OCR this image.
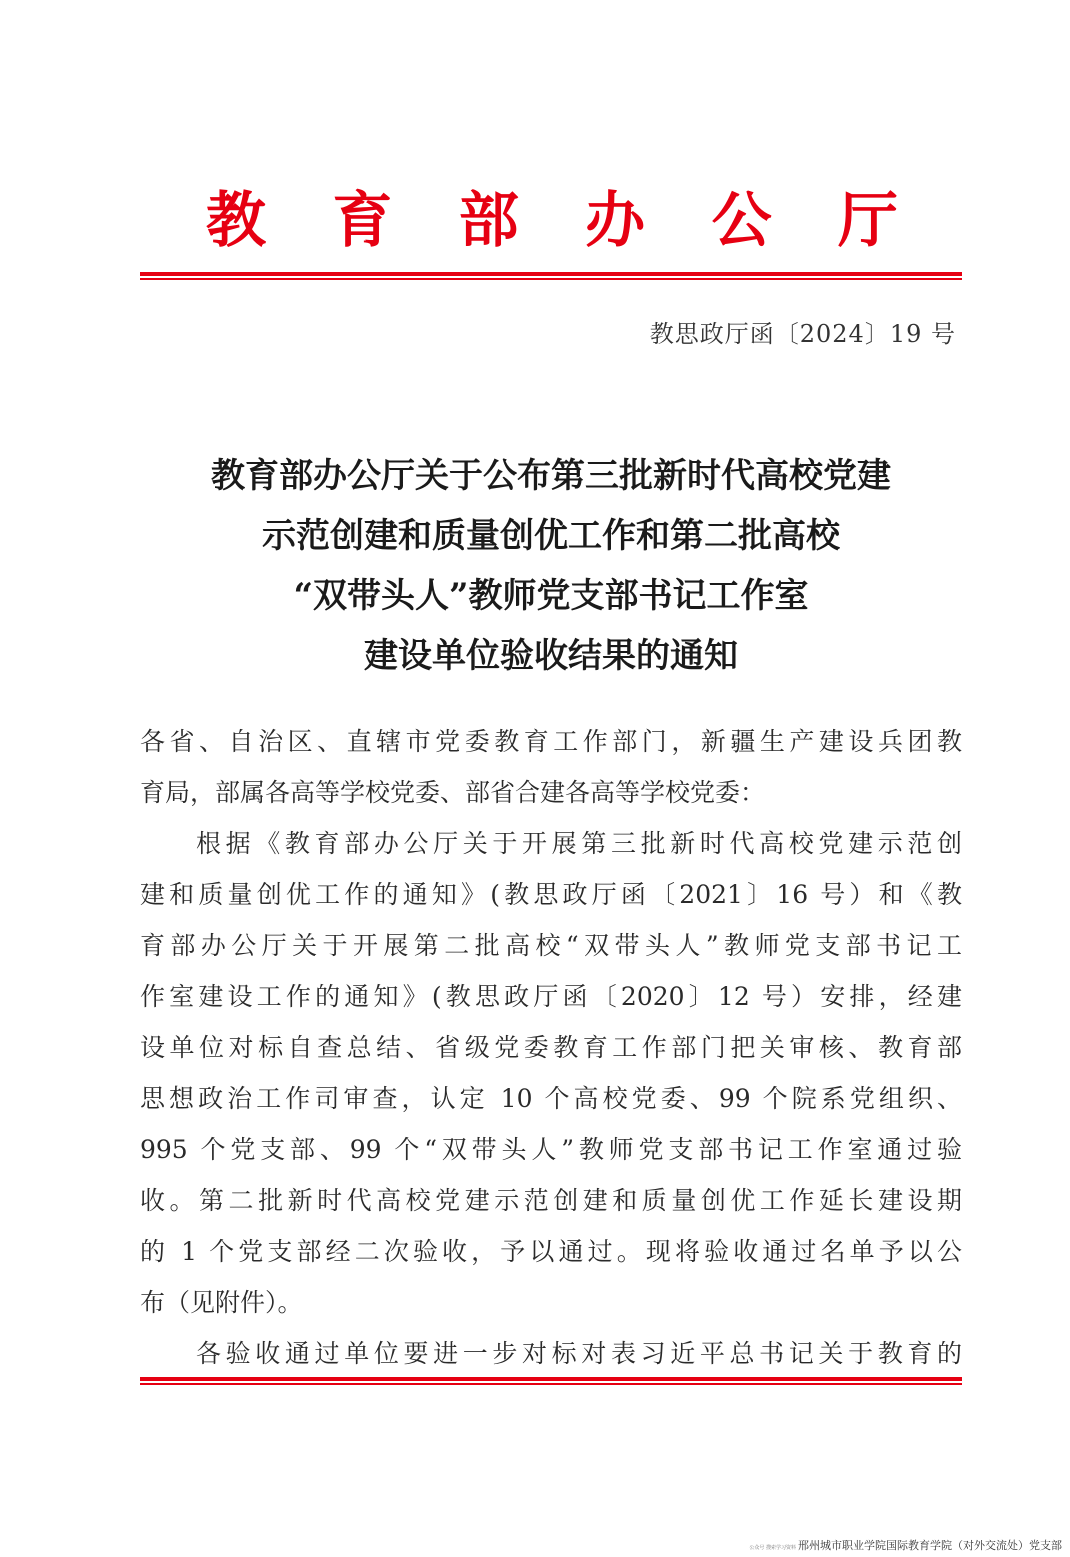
教 育 部 办 公 厅
教思政厅函〔2024〕19 号
教育部办公厅关于公布第三批新时代高校党建
示范创建和质量创优工作和第二批高校
“双带头人”教师党支部书记工作室
建设单位验收结果的通知
各省、自治区、直辖市党委教育工作部门，新疆生产建设兵团教
育局，部属各高等学校党委、部省合建各高等学校党委：
根据《教育部办公厅关于开展第三批新时代高校党建示范创
建和质量创优工作的通知》(教思政厅函〔2021〕16 号）和《教
育部办公厅关于开展第二批高校“双带头人”教师党支部书记工
作室建设工作的通知》(教思政厅函〔2020〕12 号）安排，经建
设单位对标自查总结、省级党委教育工作部门把关审核、教育部
思想政治工作司审查，认定 10 个高校党委、99 个院系党组织、
995 个党支部、99 个“双带头人”教师党支部书记工作室通过验
收。第二批新时代高校党建示范创建和质量创优工作延长建设期
的 1 个党支部经二次验收，予以通过。现将验收通过名单予以公
布（见附件）。
各验收通过单位要进一步对标对表习近平总书记关于教育的
公众号 搜索学习资料 邢州城市职业学院国际教育学院（对外交流处）党支部
